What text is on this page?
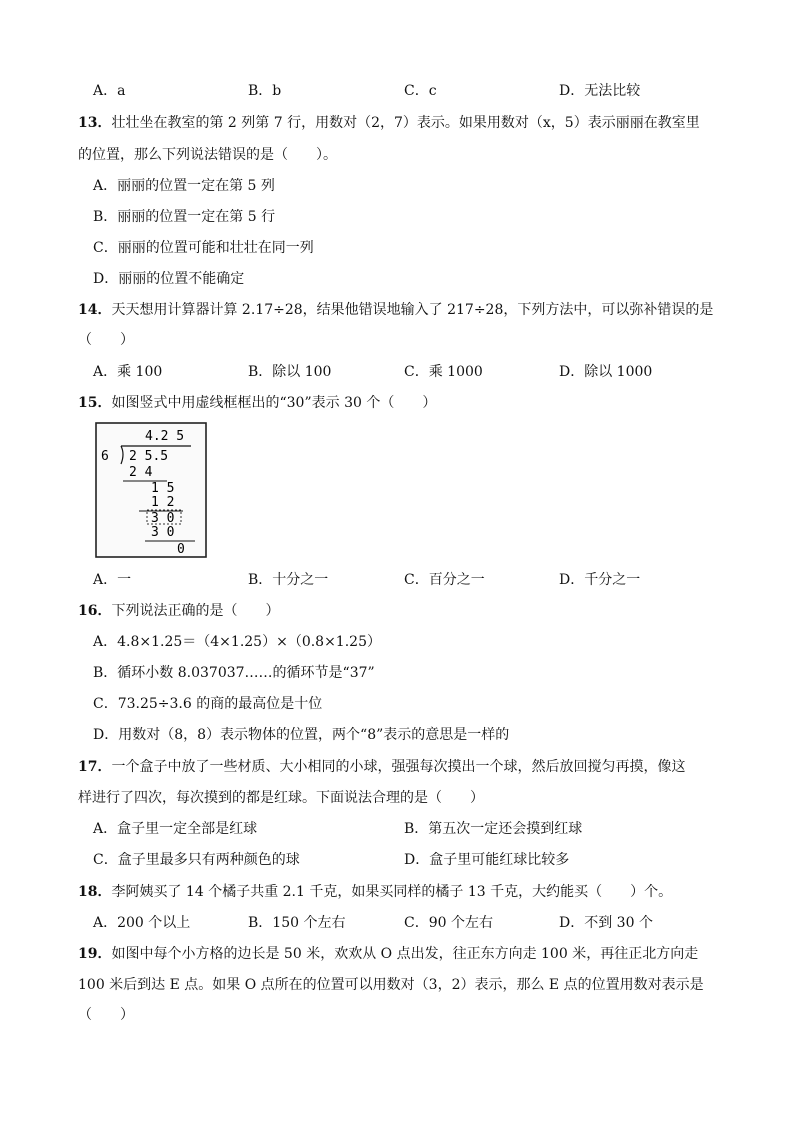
A．a	B．b	C．c	D．无法比较
13．壮壮坐在教室的第 2 列第 7 行，用数对（2，7）表示。如果用数对（x，5）表示丽丽在教室里
的位置，那么下列说法错误的是（　　）。
A．丽丽的位置一定在第 5 列
B．丽丽的位置一定在第 5 行
C．丽丽的位置可能和壮壮在同一列
D．丽丽的位置不能确定
14．天天想用计算器计算 2.17÷28，结果他错误地输入了 217÷28，下列方法中，可以弥补错误的是
（　　）
A．乘 100	B．除以 100	C．乘 1000	D．除以 1000
15．如图竖式中用虚线框框出的“30”表示 30 个（　　）
4.2 5
6 2 5.5
2 4
1 5
1 2
3 0
3 0
0
A．一	B．十分之一	C．百分之一	D．千分之一
16．下列说法正确的是（　　）
A．4.8×1.25＝（4×1.25）×（0.8×1.25）
B．循环小数 8.037037……的循环节是“37”
C．73.25÷3.6 的商的最高位是十位
D．用数对（8，8）表示物体的位置，两个“8”表示的意思是一样的
17．一个盒子中放了一些材质、大小相同的小球，强强每次摸出一个球，然后放回搅匀再摸，像这
样进行了四次，每次摸到的都是红球。下面说法合理的是（　　）
A．盒子里一定全部是红球	B．第五次一定还会摸到红球
C．盒子里最多只有两种颜色的球	D．盒子里可能红球比较多
18．李阿姨买了 14 个橘子共重 2.1 千克，如果买同样的橘子 13 千克，大约能买（　　）个。
A．200 个以上	B．150 个左右	C．90 个左右	D．不到 30 个
19．如图中每个小方格的边长是 50 米，欢欢从 O 点出发，往正东方向走 100 米，再往正北方向走
100 米后到达 E 点。如果 O 点所在的位置可以用数对（3，2）表示，那么 E 点的位置用数对表示是
（　　）
